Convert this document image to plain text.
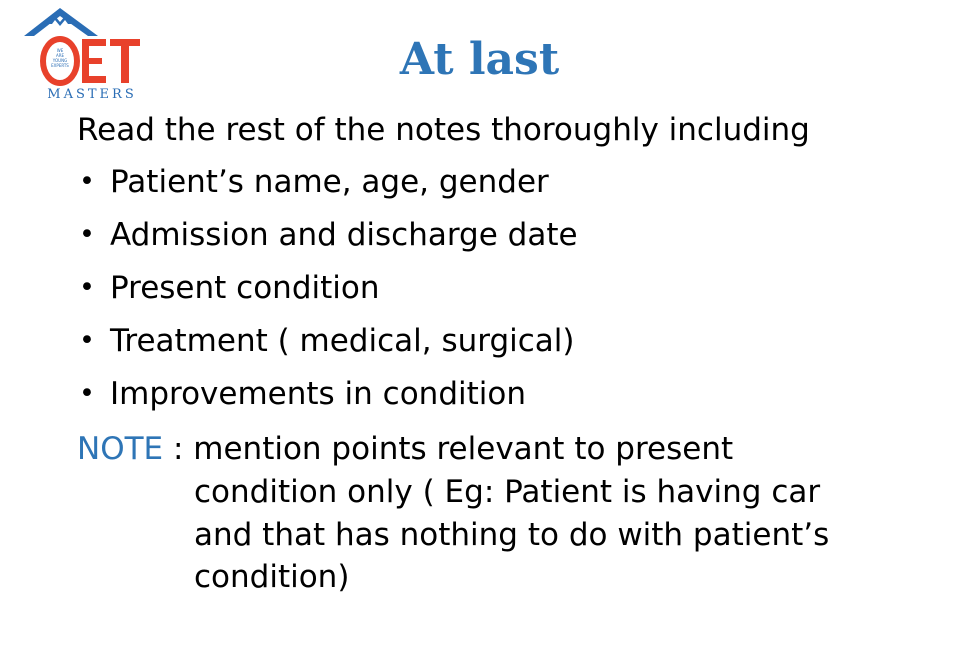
WE
ARE
YOUNG
EXPERTS
MASTERS
At last
Read the rest of the notes thoroughly including
• Patient’s name, age, gender
• Admission and discharge date
• Present condition
• Treatment ( medical, surgical)
• Improvements in condition
NOTE : mention points relevant to present
condition only ( Eg: Patient is having car
and that has nothing to do with patient’s
condition)
